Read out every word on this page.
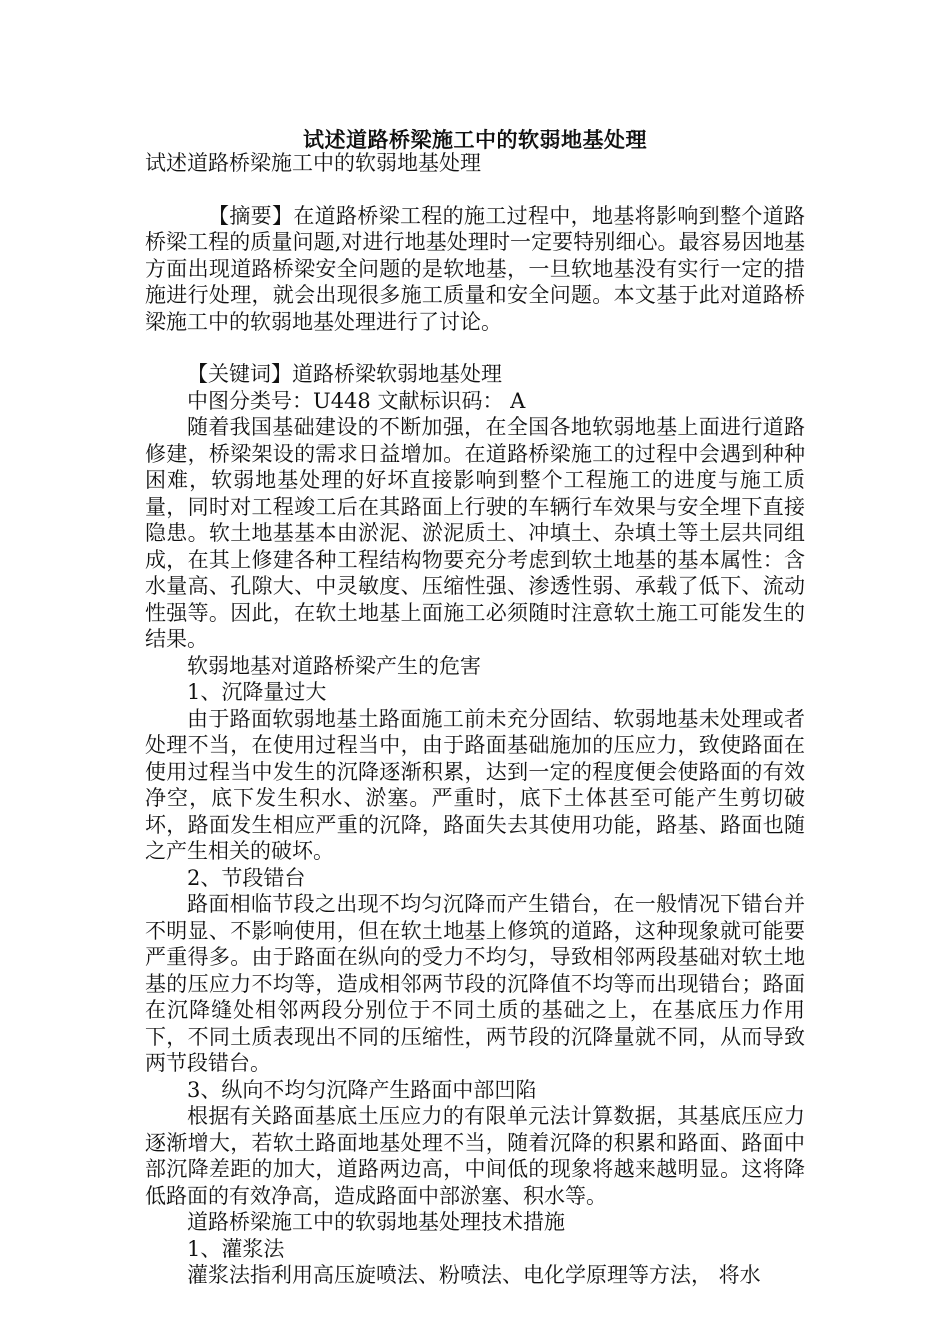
试述道路桥梁施工中的软弱地基处理

试述道路桥梁施工中的软弱地基处理

【摘要】在道路桥梁工程的施工过程中，地基将影响到整个道路桥梁工程的质量问题,对进行地基处理时一定要特别细心。最容易因地基方面出现道路桥梁安全问题的是软地基，一旦软地基没有实行一定的措施进行处理，就会出现很多施工质量和安全问题。本文基于此对道路桥梁施工中的软弱地基处理进行了讨论。

【关键词】道路桥梁软弱地基处理

中图分类号：U448 文献标识码： A

随着我国基础建设的不断加强，在全国各地软弱地基上面进行道路修建，桥梁架设的需求日益增加。在道路桥梁施工的过程中会遇到种种困难，软弱地基处理的好坏直接影响到整个工程施工的进度与施工质量，同时对工程竣工后在其路面上行驶的车辆行车效果与安全埋下直接隐患。软土地基基本由淤泥、淤泥质土、冲填土、杂填土等土层共同组成，在其上修建各种工程结构物要充分考虑到软土地基的基本属性：含水量高、孔隙大、中灵敏度、压缩性强、渗透性弱、承载了低下、流动性强等。因此，在软土地基上面施工必须随时注意软土施工可能发生的结果。

软弱地基对道路桥梁产生的危害

1、沉降量过大

由于路面软弱地基土路面施工前未充分固结、软弱地基未处理或者处理不当，在使用过程当中，由于路面基础施加的压应力，致使路面在使用过程当中发生的沉降逐渐积累，达到一定的程度便会使路面的有效净空，底下发生积水、淤塞。严重时，底下土体甚至可能产生剪切破坏，路面发生相应严重的沉降，路面失去其使用功能，路基、路面也随之产生相关的破坏。

2、节段错台

路面相临节段之出现不均匀沉降而产生错台，在一般情况下错台并不明显、不影响使用，但在软土地基上修筑的道路，这种现象就可能要严重得多。由于路面在纵向的受力不均匀，导致相邻两段基础对软土地基的压应力不均等，造成相邻两节段的沉降值不均等而出现错台；路面在沉降缝处相邻两段分别位于不同土质的基础之上，在基底压力作用下，不同土质表现出不同的压缩性，两节段的沉降量就不同，从而导致两节段错台。

3、纵向不均匀沉降产生路面中部凹陷

根据有关路面基底土压应力的有限单元法计算数据，其基底压应力逐渐增大，若软土路面地基处理不当，随着沉降的积累和路面、路面中部沉降差距的加大，道路两边高，中间低的现象将越来越明显。这将降低路面的有效净高，造成路面中部淤塞、积水等。

道路桥梁施工中的软弱地基处理技术措施

1、灌浆法

灌浆法指利用高压旋喷法、粉喷法、电化学原理等方法， 将水
